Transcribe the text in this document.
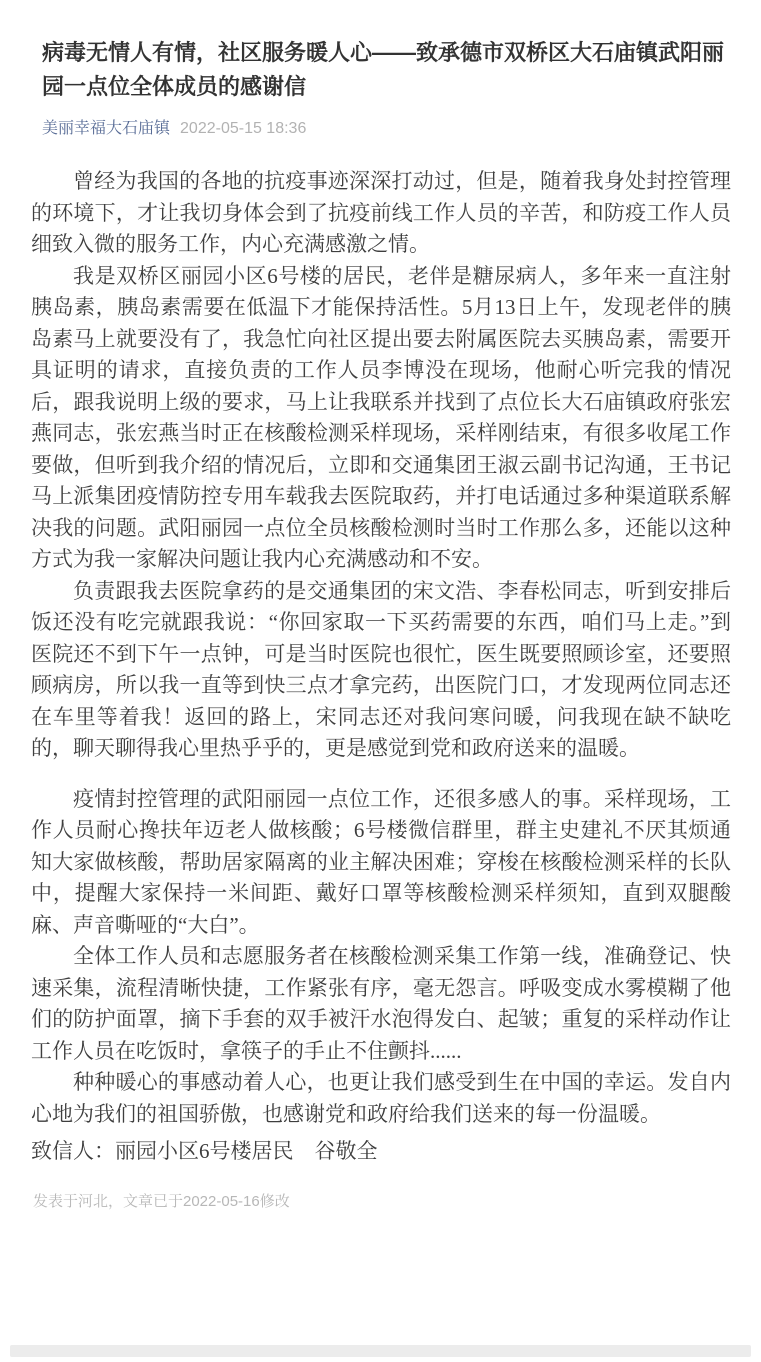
病毒无情人有情，社区服务暖人心——致承德市双桥区大石庙镇武阳丽园一点位全体成员的感谢信
美丽幸福大石庙镇 2022-05-15 18:36

曾经为我国的各地的抗疫事迹深深打动过，但是，随着我身处封控管理的环境下，才让我切身体会到了抗疫前线工作人员的辛苦，和防疫工作人员细致入微的服务工作，内心充满感激之情。

我是双桥区丽园小区6号楼的居民，老伴是糖尿病人，多年来一直注射胰岛素，胰岛素需要在低温下才能保持活性。5月13日上午，发现老伴的胰岛素马上就要没有了，我急忙向社区提出要去附属医院去买胰岛素，需要开具证明的请求，直接负责的工作人员李博没在现场，他耐心听完我的情况后，跟我说明上级的要求，马上让我联系并找到了点位长大石庙镇政府张宏燕同志，张宏燕当时正在核酸检测采样现场，采样刚结束，有很多收尾工作要做，但听到我介绍的情况后，立即和交通集团王淑云副书记沟通，王书记马上派集团疫情防控专用车载我去医院取药，并打电话通过多种渠道联系解决我的问题。武阳丽园一点位全员核酸检测时当时工作那么多，还能以这种方式为我一家解决问题让我内心充满感动和不安。

负责跟我去医院拿药的是交通集团的宋文浩、李春松同志，听到安排后饭还没有吃完就跟我说：“你回家取一下买药需要的东西，咱们马上走。”到医院还不到下午一点钟，可是当时医院也很忙，医生既要照顾诊室，还要照顾病房，所以我一直等到快三点才拿完药，出医院门口，才发现两位同志还在车里等着我！返回的路上，宋同志还对我问寒问暖，问我现在缺不缺吃的，聊天聊得我心里热乎乎的，更是感觉到党和政府送来的温暖。

疫情封控管理的武阳丽园一点位工作，还很多感人的事。采样现场，工作人员耐心搀扶年迈老人做核酸；6号楼微信群里，群主史建礼不厌其烦通知大家做核酸，帮助居家隔离的业主解决困难；穿梭在核酸检测采样的长队中，提醒大家保持一米间距、戴好口罩等核酸检测采样须知，直到双腿酸麻、声音嘶哑的“大白”。

全体工作人员和志愿服务者在核酸检测采集工作第一线，准确登记、快速采集，流程清晰快捷，工作紧张有序，毫无怨言。呼吸变成水雾模糊了他们的防护面罩，摘下手套的双手被汗水泡得发白、起皱；重复的采样动作让工作人员在吃饭时，拿筷子的手止不住颤抖......

种种暖心的事感动着人心，也更让我们感受到生在中国的幸运。发自内心地为我们的祖国骄傲，也感谢党和政府给我们送来的每一份温暖。

致信人：丽园小区6号楼居民　谷敬全
发表于河北，文章已于2022-05-16修改
